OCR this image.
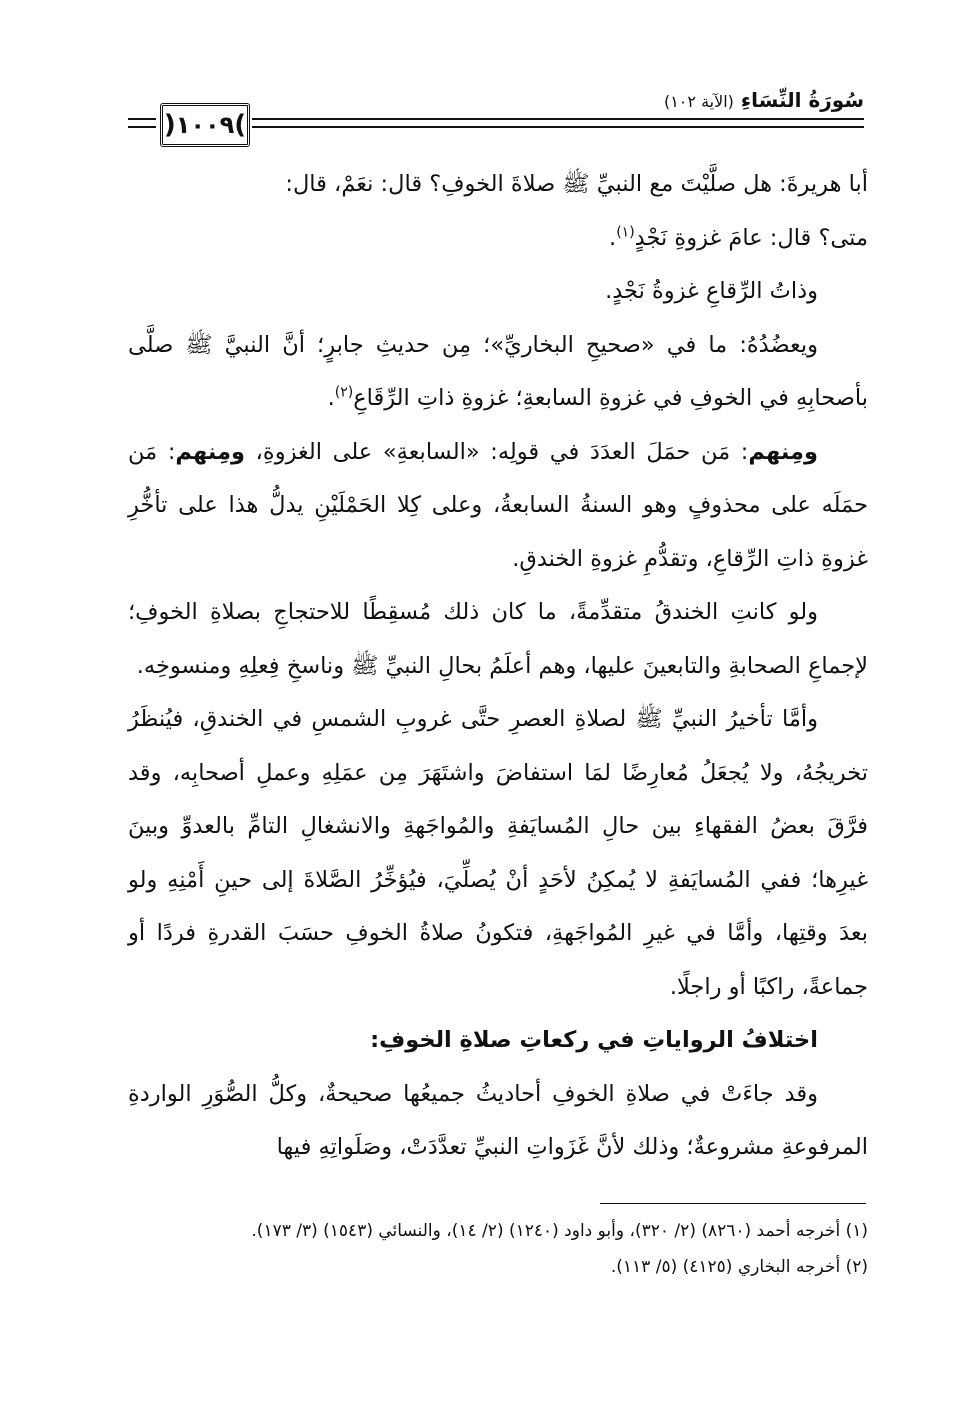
)
١٠٠٩
(
سُورَةُ النِّسَاءِ (الآية ١٠٢)

أبا هريرةَ: هل صلَّيْتَ مع النبيِّ ﷺ صلاةَ الخوفِ؟ قال: نعَمْ، قال:

متى؟ قال: عامَ غزوةِ نَجْدٍ$^{(١)}$.

وذاتُ الرِّقاعِ غزوةُ نَجْدٍ.

ويعضُدُهُ: ما في «صحيحِ البخاريِّ»؛ مِن حديثِ جابرٍ؛ أنَّ النبيَّ ﷺ صلَّى بأصحابِهِ في الخوفِ في غزوةِ السابعةِ؛ غزوةِ ذاتِ الرِّقَاعِ$^{(٢)}$.

ومِنهم: مَن حمَلَ العدَدَ في قولِه: «السابعةِ» على الغزوةِ، ومِنهم: مَن حمَلَه على محذوفٍ وهو السنةُ السابعةُ، وعلى كِلا الحَمْلَيْنِ يدلُّ هذا على تأخُّرِ غزوةِ ذاتِ الرِّقاعِ، وتقدُّمِ غزوةِ الخندقِ.

ولو كانتِ الخندقُ متقدِّمةً، ما كان ذلك مُسقِطًا للاحتجاجِ بصلاةِ الخوفِ؛ لإجماعِ الصحابةِ والتابعينَ عليها، وهم أعلَمُ بحالِ النبيِّ ﷺ وناسخِ فِعلِهِ ومنسوخِه.

وأمَّا تأخيرُ النبيِّ ﷺ لصلاةِ العصرِ حتَّى غروبِ الشمسِ في الخندقِ، فيُنظَرُ تخريجُهُ، ولا يُجعَلُ مُعارِضًا لمَا استفاضَ واشتَهَرَ مِن عمَلِهِ وعملِ أصحابِه، وقد فرَّقَ بعضُ الفقهاءِ بين حالِ المُسايَفةِ والمُواجَهةِ والانشغالِ التامِّ بالعدوِّ وبينَ غيرِها؛ ففي المُسايَفةِ لا يُمكِنُ لأحَدٍ أنْ يُصلِّيَ، فيُؤخِّرُ الصَّلاةَ إلى حينِ أَمْنِهِ ولو بعدَ وقتِها، وأمَّا في غيرِ المُواجَهةِ، فتكونُ صلاةُ الخوفِ حسَبَ القدرةِ فردًا أو جماعةً، راكبًا أو راجلًا.

اختلافُ الرواياتِ في ركعاتِ صلاةِ الخوفِ:

وقد جاءَتْ في صلاةِ الخوفِ أحاديثُ جميعُها صحيحةٌ، وكلُّ الصُّوَرِ الواردةِ المرفوعةِ مشروعةٌ؛ وذلك لأنَّ غَزَواتِ النبيِّ تعدَّدَتْ، وصَلَواتِهِ فيها

(١) أخرجه أحمد (٨٢٦٠) (٢/ ٣٢٠)، وأبو داود (١٢٤٠) (٢/ ١٤)، والنسائي (١٥٤٣) (٣/ ١٧٣).

(٢) أخرجه البخاري (٤١٢٥) (٥/ ١١٣).
